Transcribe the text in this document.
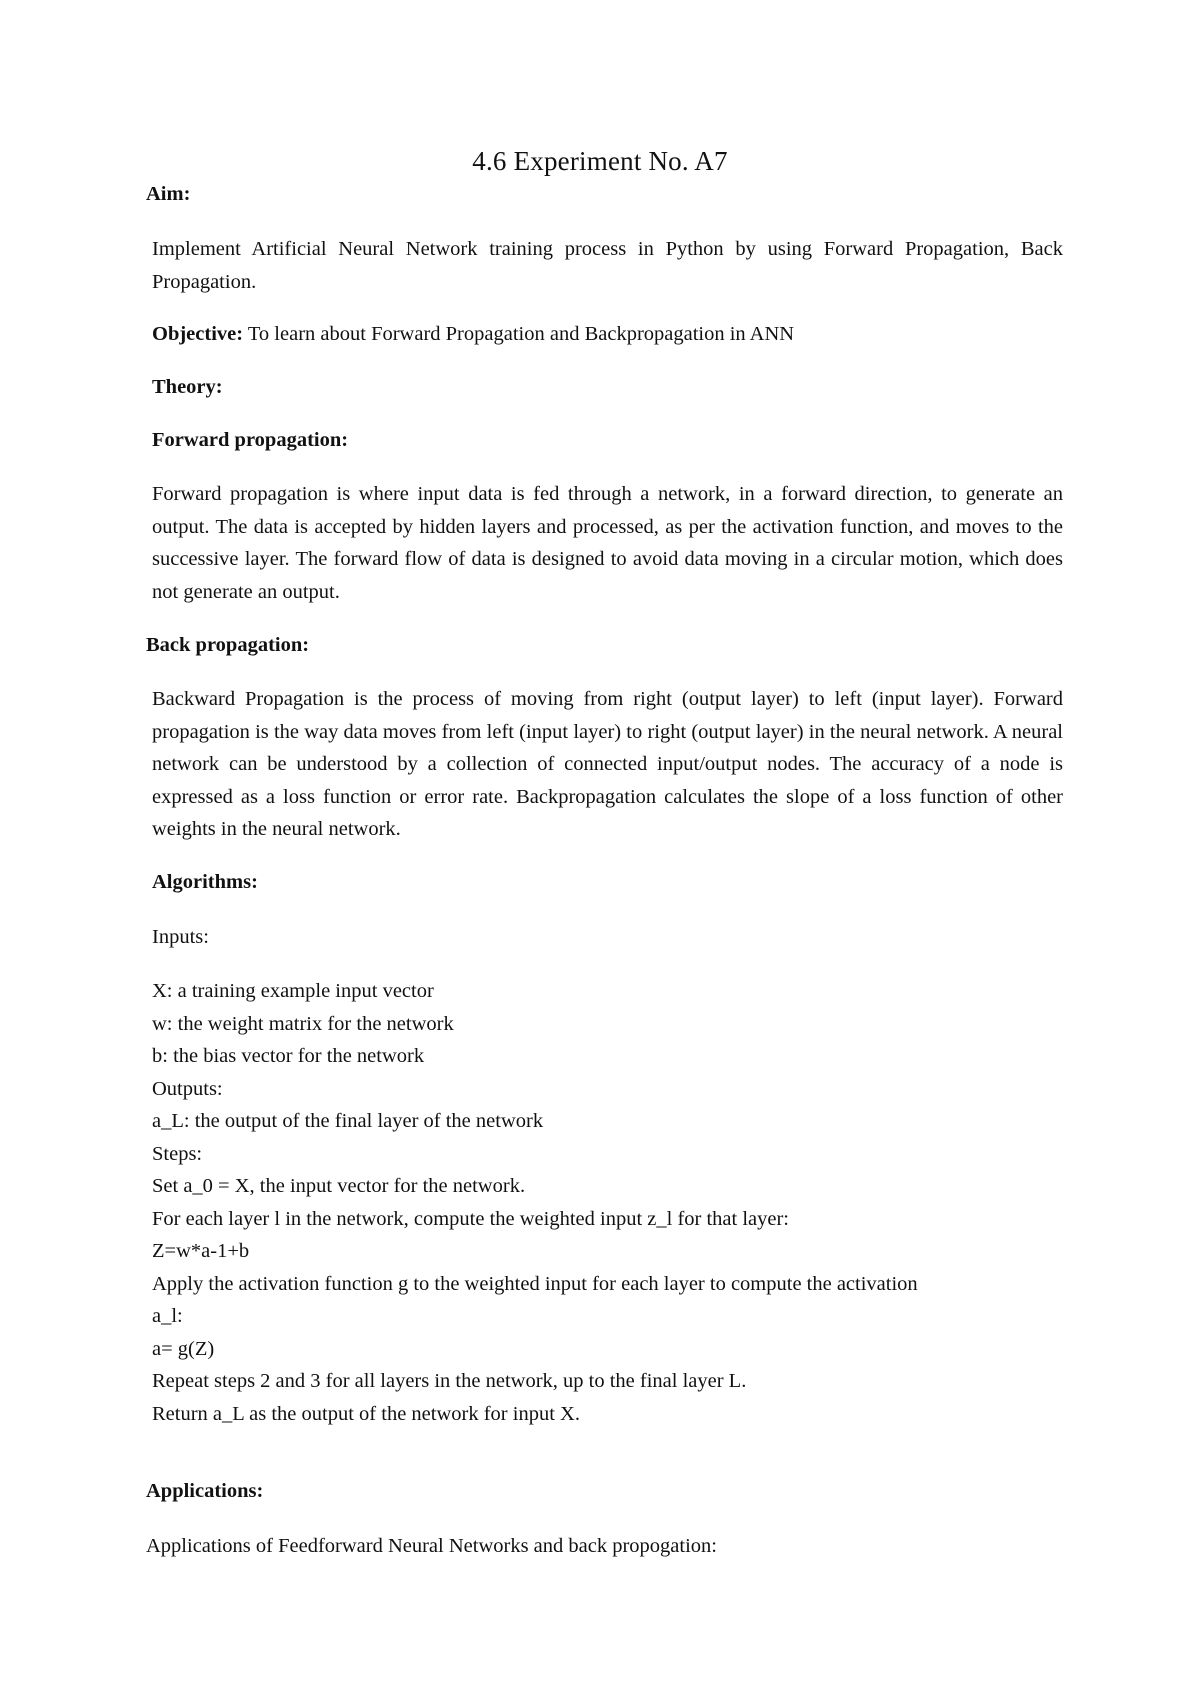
4.6 Experiment No. A7
Aim:
Implement Artificial Neural Network training process in Python by using Forward Propagation, Back Propagation.
Objective: To learn about Forward Propagation and Backpropagation in ANN
Theory:
Forward propagation:
Forward propagation is where input data is fed through a network, in a forward direction, to generate an output. The data is accepted by hidden layers and processed, as per the activation function, and moves to the successive layer. The forward flow of data is designed to avoid data moving in a circular motion, which does not generate an output.
Back propagation:
Backward Propagation is the process of moving from right (output layer) to left (input layer). Forward propagation is the way data moves from left (input layer) to right (output layer) in the neural network. A neural network can be understood by a collection of connected input/output nodes. The accuracy of a node is expressed as a loss function or error rate. Backpropagation calculates the slope of a loss function of other weights in the neural network.
Algorithms:
Inputs:
X: a training example input vector
w: the weight matrix for the network
b: the bias vector for the network
Outputs:
a_L: the output of the final layer of the network
Steps:
Set a_0 = X, the input vector for the network.
For each layer l in the network, compute the weighted input z_l for that layer:
Z=w*a-1+b
Apply the activation function g to the weighted input for each layer to compute the activation
a_l:
a= g(Z)
Repeat steps 2 and 3 for all layers in the network, up to the final layer L.
Return a_L as the output of the network for input X.
Applications:
Applications of Feedforward Neural Networks and back propogation:
